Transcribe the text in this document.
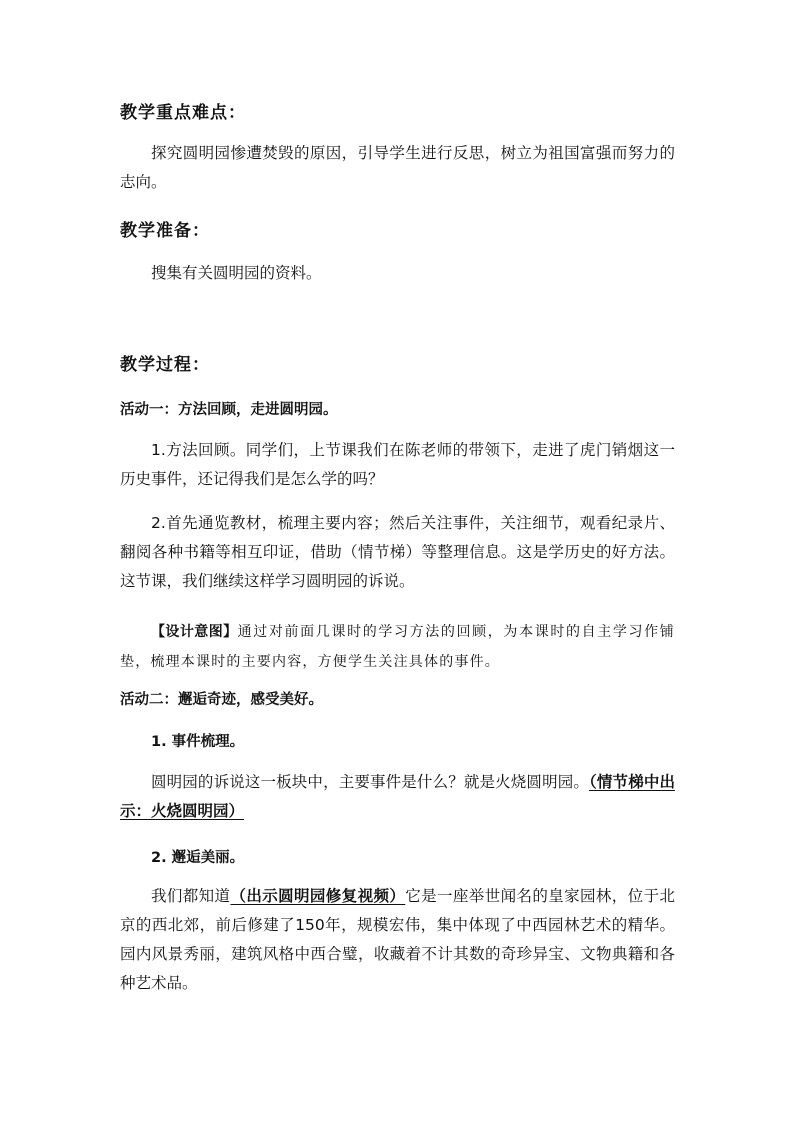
教学重点难点：
探究圆明园惨遭焚毁的原因，引导学生进行反思，树立为祖国富强而努力的志向。
教学准备：
搜集有关圆明园的资料。
教学过程：
活动一：方法回顾，走进圆明园。
1.方法回顾。同学们，上节课我们在陈老师的带领下，走进了虎门销烟这一历史事件，还记得我们是怎么学的吗？
2.首先通览教材，梳理主要内容；然后关注事件，关注细节，观看纪录片、翻阅各种书籍等相互印证，借助（情节梯）等整理信息。这是学历史的好方法。这节课，我们继续这样学习圆明园的诉说。
【设计意图】通过对前面几课时的学习方法的回顾，为本课时的自主学习作铺垫，梳理本课时的主要内容，方便学生关注具体的事件。
活动二：邂逅奇迹，感受美好。
1. 事件梳理。
圆明园的诉说这一板块中，主要事件是什么？就是火烧圆明园。（情节梯中出示：火烧圆明园）
2. 邂逅美丽。
我们都知道（出示圆明园修复视频）它是一座举世闻名的皇家园林，位于北京的西北郊，前后修建了150年，规模宏伟，集中体现了中西园林艺术的精华。园内风景秀丽，建筑风格中西合璧，收藏着不计其数的奇珍异宝、文物典籍和各种艺术品。
